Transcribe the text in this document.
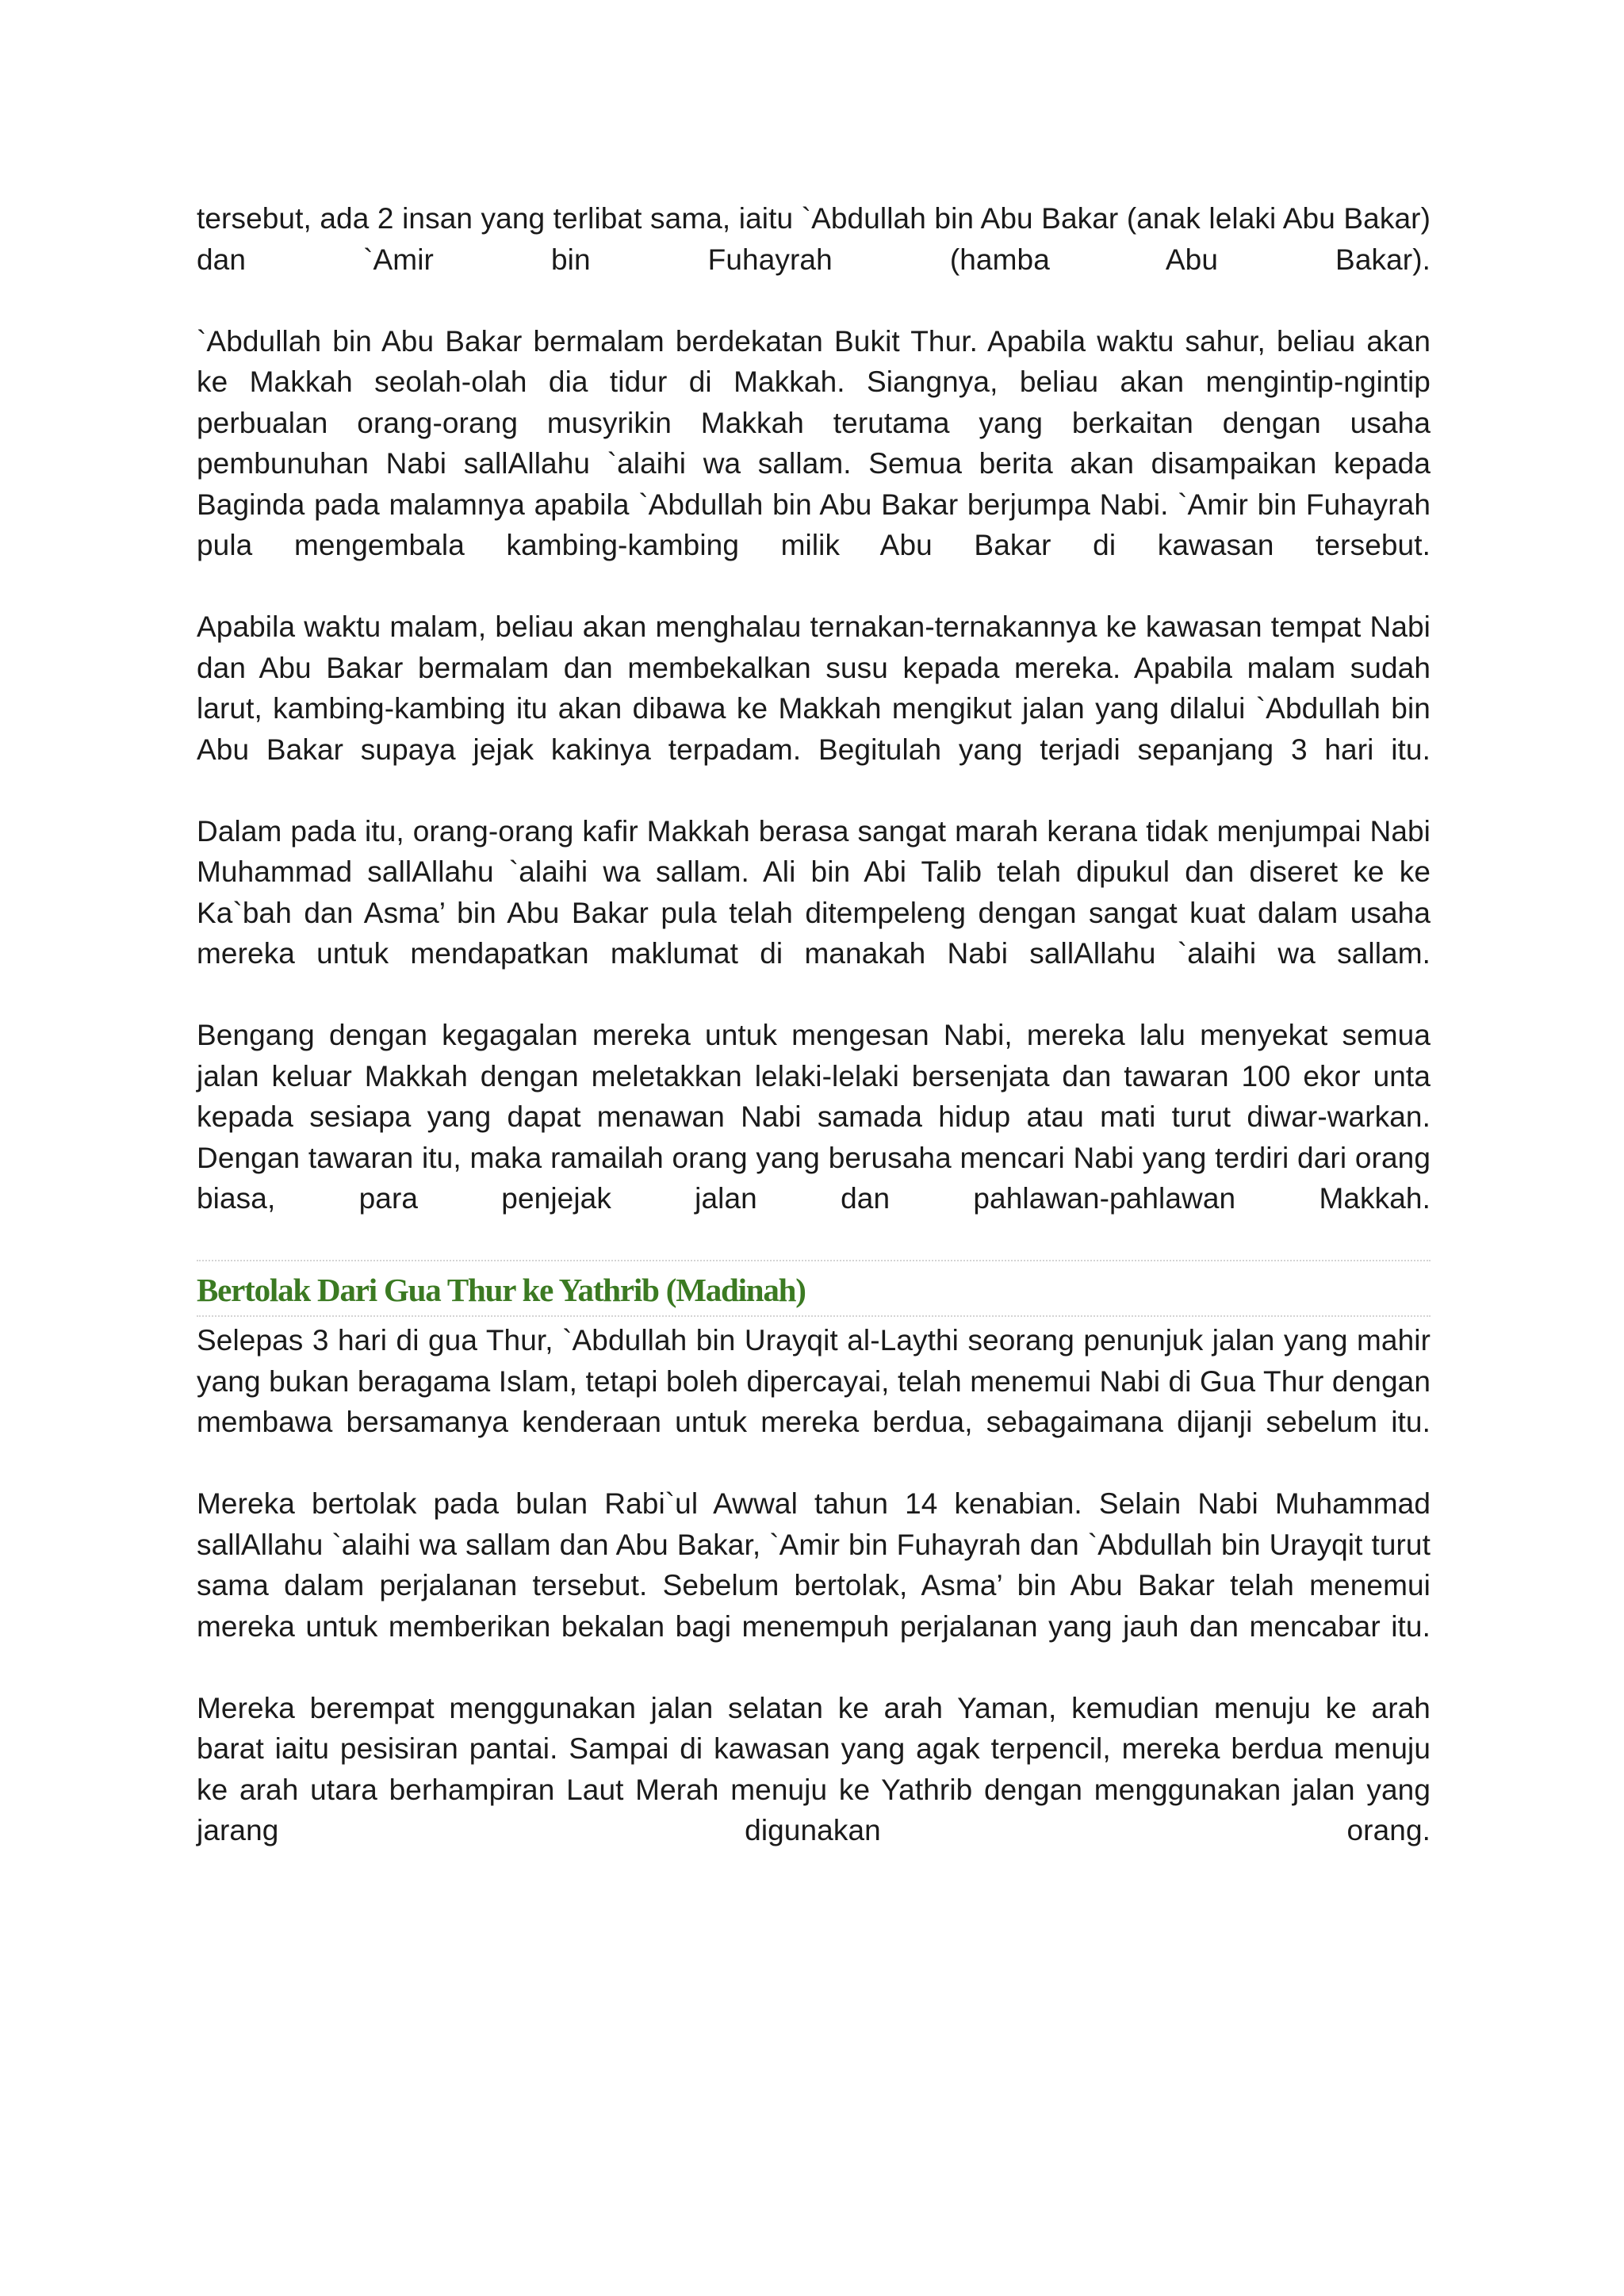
tersebut, ada 2 insan yang terlibat sama, iaitu `Abdullah bin Abu Bakar (anak lelaki Abu Bakar) dan `Amir bin Fuhayrah (hamba Abu Bakar).

`Abdullah bin Abu Bakar bermalam berdekatan Bukit Thur. Apabila waktu sahur, beliau akan ke Makkah seolah-olah dia tidur di Makkah. Siangnya, beliau akan mengintip-ngintip perbualan orang-orang musyrikin Makkah terutama yang berkaitan dengan usaha pembunuhan Nabi sallAllahu `alaihi wa sallam. Semua berita akan disampaikan kepada Baginda pada malamnya apabila `Abdullah bin Abu Bakar berjumpa Nabi. `Amir bin Fuhayrah pula mengembala kambing-kambing milik Abu Bakar di kawasan tersebut.

Apabila waktu malam, beliau akan menghalau ternakan-ternakannya ke kawasan tempat Nabi dan Abu Bakar bermalam dan membekalkan susu kepada mereka. Apabila malam sudah larut, kambing-kambing itu akan dibawa ke Makkah mengikut jalan yang dilalui `Abdullah bin Abu Bakar supaya jejak kakinya terpadam. Begitulah yang terjadi sepanjang 3 hari itu.

Dalam pada itu, orang-orang kafir Makkah berasa sangat marah kerana tidak menjumpai Nabi Muhammad sallAllahu `alaihi wa sallam. Ali bin Abi Talib telah dipukul dan diseret ke ke Ka`bah dan Asma’ bin Abu Bakar pula telah ditempeleng dengan sangat kuat dalam usaha mereka untuk mendapatkan maklumat di manakah Nabi sallAllahu `alaihi wa sallam.

Bengang dengan kegagalan mereka untuk mengesan Nabi, mereka lalu menyekat semua jalan keluar Makkah dengan meletakkan lelaki-lelaki bersenjata dan tawaran 100 ekor unta kepada sesiapa yang dapat menawan Nabi samada hidup atau mati turut diwar-warkan. Dengan tawaran itu, maka ramailah orang yang berusaha mencari Nabi yang terdiri dari orang biasa, para penjejak jalan dan pahlawan-pahlawan Makkah.

Bertolak Dari Gua Thur ke Yathrib (Madinah)

Selepas 3 hari di gua Thur, `Abdullah bin Urayqit al-Laythi seorang penunjuk jalan yang mahir yang bukan beragama Islam, tetapi boleh dipercayai, telah menemui Nabi di Gua Thur dengan membawa bersamanya kenderaan untuk mereka berdua, sebagaimana dijanji sebelum itu.

Mereka bertolak pada bulan Rabi`ul Awwal tahun 14 kenabian. Selain Nabi Muhammad sallAllahu `alaihi wa sallam dan Abu Bakar, `Amir bin Fuhayrah dan `Abdullah bin Urayqit turut sama dalam perjalanan tersebut. Sebelum bertolak, Asma’ bin Abu Bakar telah menemui mereka untuk memberikan bekalan bagi menempuh perjalanan yang jauh dan mencabar itu.

Mereka berempat menggunakan jalan selatan ke arah Yaman, kemudian menuju ke arah barat iaitu pesisiran pantai. Sampai di kawasan yang agak terpencil, mereka berdua menuju ke arah utara berhampiran Laut Merah menuju ke Yathrib dengan menggunakan jalan yang jarang digunakan orang.
